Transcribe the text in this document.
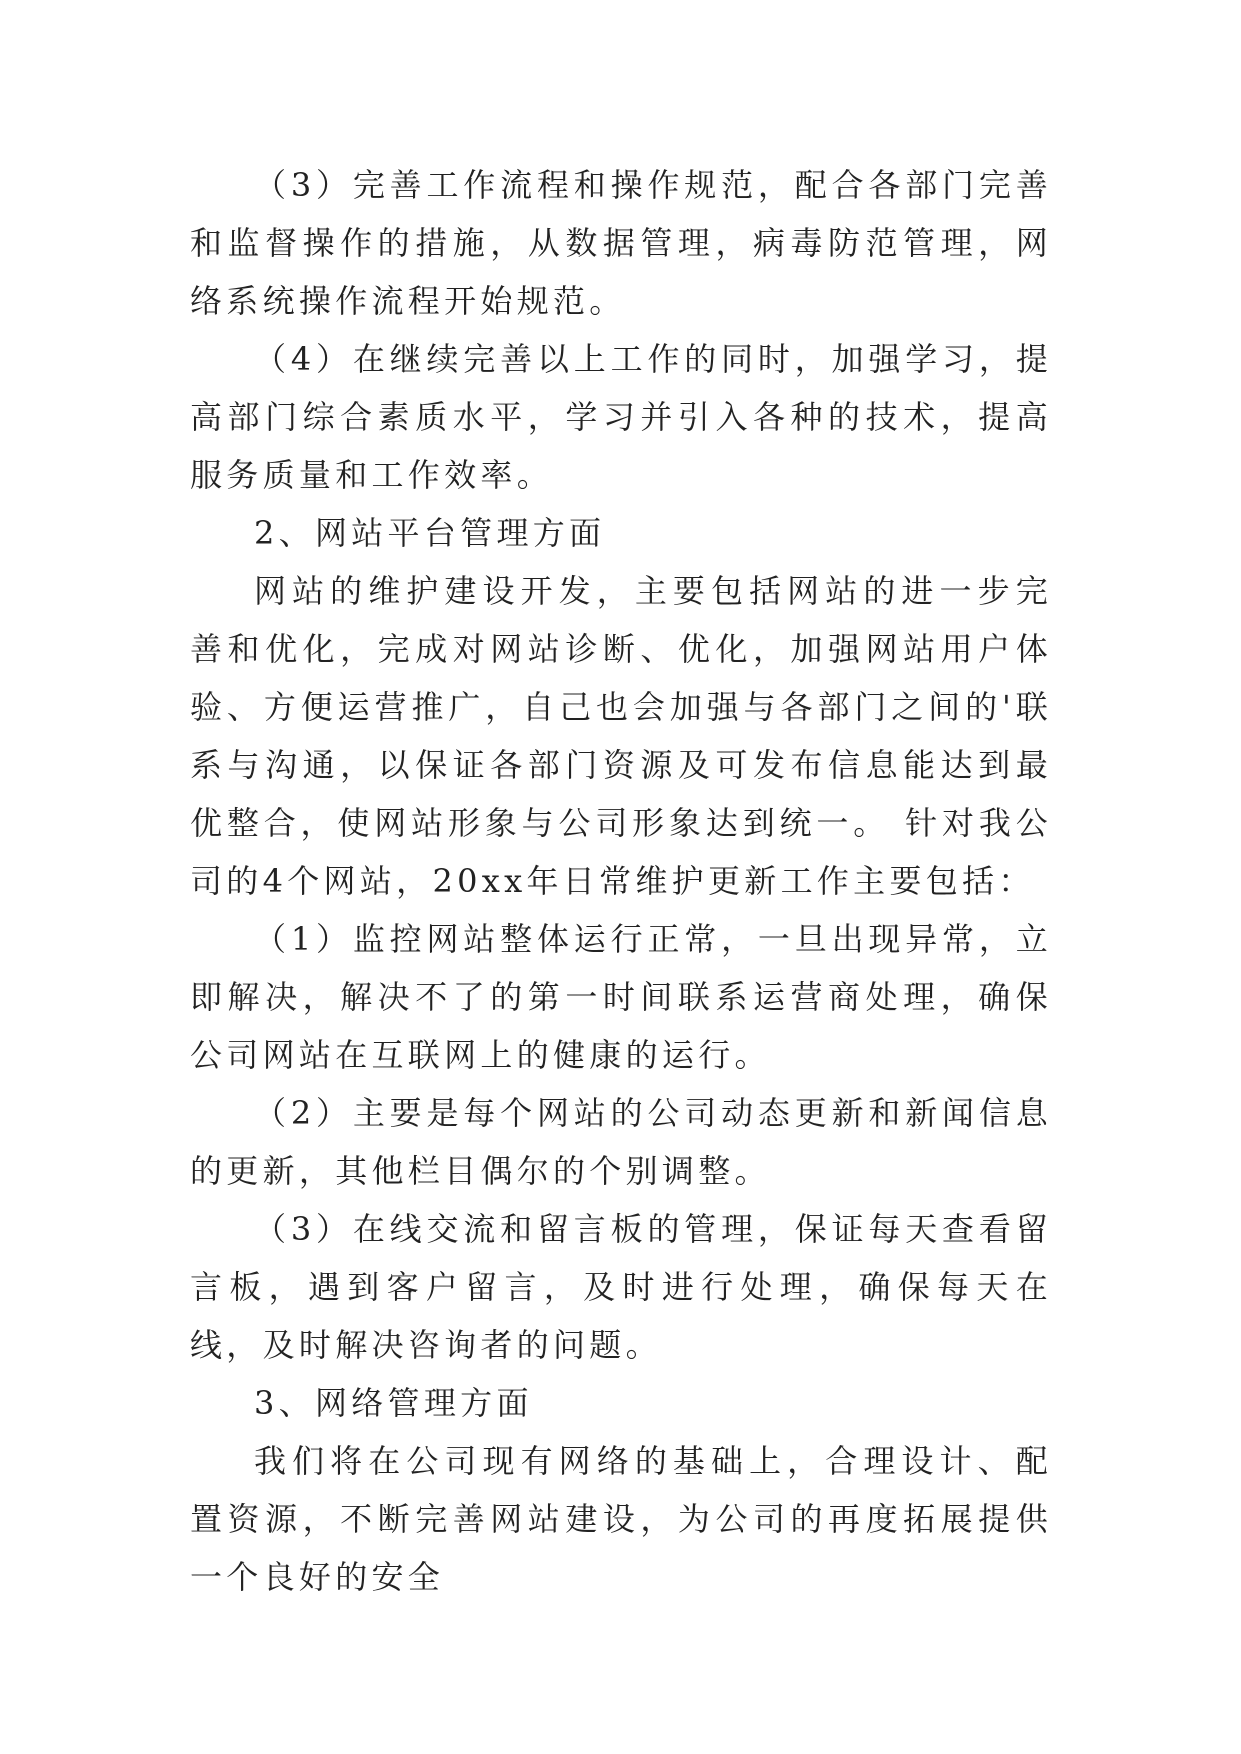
（3）完善工作流程和操作规范，配合各部门完善和监督操作的措施，从数据管理，病毒防范管理，网络系统操作流程开始规范。

（4）在继续完善以上工作的同时，加强学习，提高部门综合素质水平，学习并引入各种的技术，提高服务质量和工作效率。

2、网站平台管理方面

网站的维护建设开发，主要包括网站的进一步完善和优化，完成对网站诊断、优化，加强网站用户体验、方便运营推广，自己也会加强与各部门之间的'联系与沟通，以保证各部门资源及可发布信息能达到最优整合，使网站形象与公司形象达到统一。 针对我公司的4个网站，20xx年日常维护更新工作主要包括：

（1）监控网站整体运行正常，一旦出现异常，立即解决，解决不了的第一时间联系运营商处理，确保公司网站在互联网上的健康的运行。

（2）主要是每个网站的公司动态更新和新闻信息的更新，其他栏目偶尔的个别调整。

（3）在线交流和留言板的管理，保证每天查看留言板，遇到客户留言，及时进行处理，确保每天在线，及时解决咨询者的问题。

3、网络管理方面

我们将在公司现有网络的基础上，合理设计、配置资源，不断完善网站建设，为公司的再度拓展提供一个良好的安全
